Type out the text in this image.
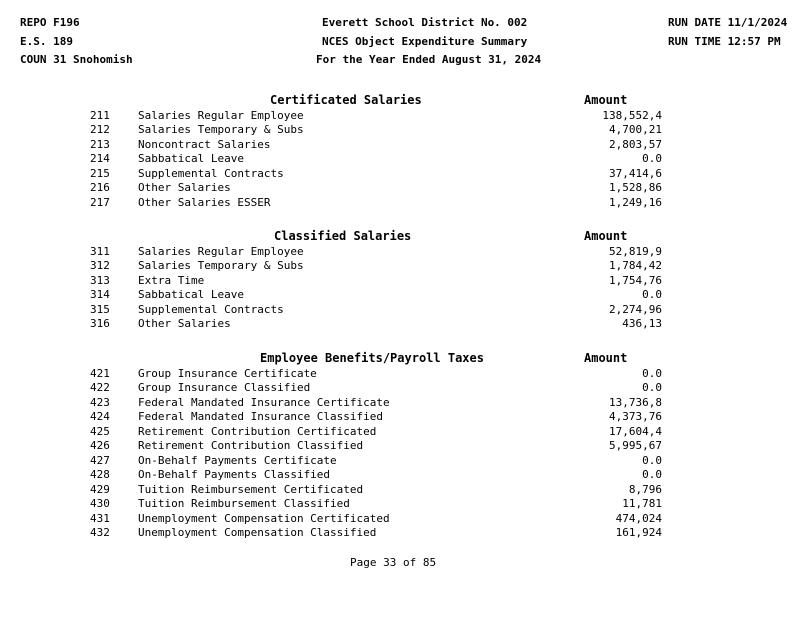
REPO F196	Everett School District No. 002	RUN DATE 11/1/2024
E.S. 189	NCES Object Expenditure Summary	RUN TIME 12:57 PM
COUN 31 Snohomish	For the Year Ended August 31, 2024
Certificated Salaries	Amount
211	Salaries Regular Employee	138,552,4
212	Salaries Temporary & Subs	4,700,21
213	Noncontract Salaries	2,803,57
214	Sabbatical Leave	0.0
215	Supplemental Contracts	37,414,6
216	Other Salaries	1,528,86
217	Other Salaries ESSER	1,249,16
Classified Salaries	Amount
311	Salaries Regular Employee	52,819,9
312	Salaries Temporary & Subs	1,784,42
313	Extra Time	1,754,76
314	Sabbatical Leave	0.0
315	Supplemental Contracts	2,274,96
316	Other Salaries	436,13
Employee Benefits/Payroll Taxes	Amount
421	Group Insurance Certificate	0.0
422	Group Insurance Classified	0.0
423	Federal Mandated Insurance Certificate	13,736,8
424	Federal Mandated Insurance Classified	4,373,76
425	Retirement Contribution Certificated	17,604,4
426	Retirement Contribution Classified	5,995,67
427	On-Behalf Payments Certificate	0.0
428	On-Behalf Payments Classified	0.0
429	Tuition Reimbursement Certificated	8,796
430	Tuition Reimbursement Classified	11,781
431	Unemployment Compensation Certificated	474,024
432	Unemployment Compensation Classified	161,924
Page 33 of 85
